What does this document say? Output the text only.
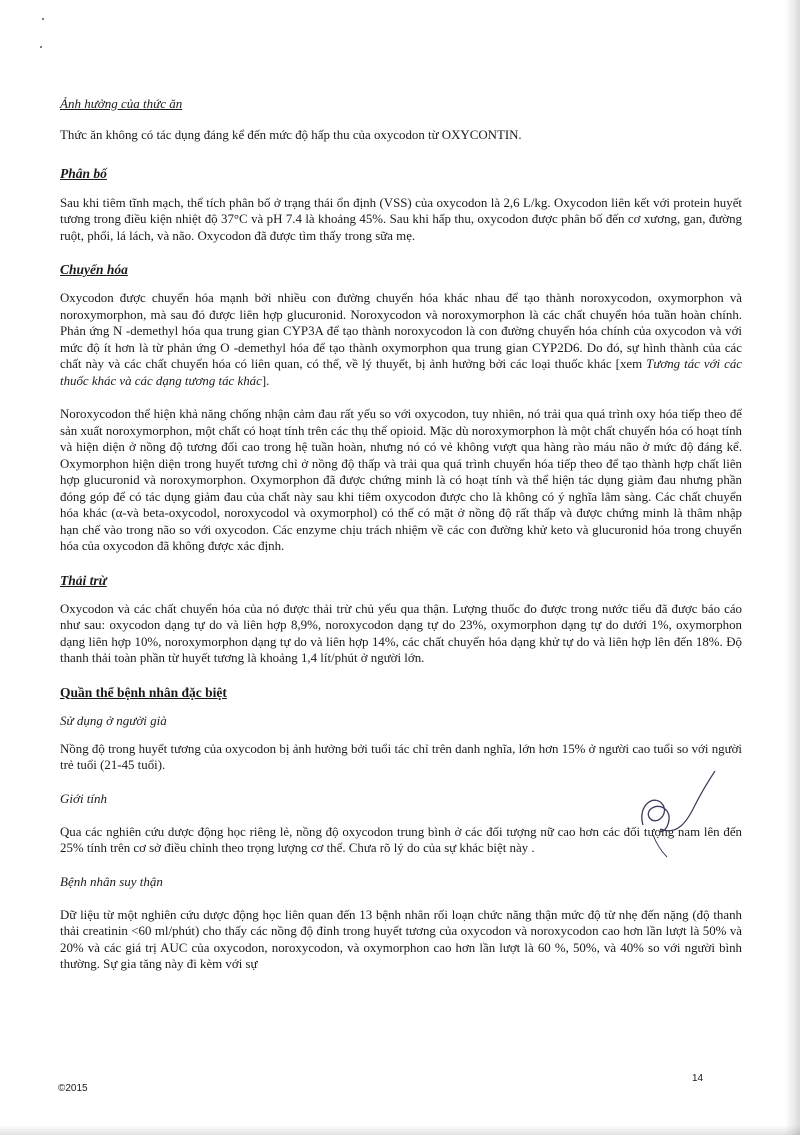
Ảnh hưởng của thức ăn

Thức ăn không có tác dụng đáng kể đến mức độ hấp thu của oxycodon từ OXYCONTIN.

Phân bố

Sau khi tiêm tĩnh mạch, thể tích phân bố ở trạng thái ổn định (VSS) của oxycodon là 2,6 L/kg. Oxycodon liên kết với protein huyết tương trong điều kiện nhiệt độ 37°C và pH 7.4 là khoảng 45%. Sau khi hấp thu, oxycodon được phân bố đến cơ xương, gan, đường ruột, phổi, lá lách, và não. Oxycodon đã được tìm thấy trong sữa mẹ.

Chuyển hóa

Oxycodon được chuyển hóa mạnh bởi nhiều con đường chuyển hóa khác nhau để tạo thành noroxycodon, oxymorphon và noroxymorphon, mà sau đó được liên hợp glucuronid. Noroxycodon và noroxymorphon là các chất chuyển hóa tuần hoàn chính. Phản ứng N -demethyl hóa qua trung gian CYP3A để tạo thành noroxycodon là con đường chuyển hóa chính của oxycodon và với mức độ ít hơn là từ phản ứng O -demethyl hóa để tạo thành oxymorphon qua trung gian CYP2D6. Do đó, sự hình thành của các chất này và các chất chuyển hóa có liên quan, có thể, về lý thuyết, bị ảnh hưởng bởi các loại thuốc khác [xem Tương tác với các thuốc khác và các dạng tương tác khác].

Noroxycodon thể hiện khả năng chống nhận cảm đau rất yếu so với oxycodon, tuy nhiên, nó trải qua quá trình oxy hóa tiếp theo để sản xuất noroxymorphon, một chất có hoạt tính trên các thụ thể opioid. Mặc dù noroxymorphon là một chất chuyển hóa có hoạt tính và hiện diện ở nồng độ tương đối cao trong hệ tuần hoàn, nhưng nó có vẻ không vượt qua hàng rào máu não ở mức độ đáng kể. Oxymorphon hiện diện trong huyết tương chỉ ở nồng độ thấp và trải qua quá trình chuyển hóa tiếp theo để tạo thành hợp chất liên hợp glucuronid và noroxymorphon. Oxymorphon đã được chứng minh là có hoạt tính và thể hiện tác dụng giảm đau nhưng phần đóng góp để có tác dụng giảm đau của chất này sau khi tiêm oxycodon được cho là không có ý nghĩa lâm sàng. Các chất chuyển hóa khác (α-và beta-oxycodol, noroxycodol và oxymorphol) có thể có mặt ở nồng độ rất thấp và được chứng minh là thâm nhập hạn chế vào trong não so với oxycodon. Các enzyme chịu trách nhiệm về các con đường khử keto và glucuronid hóa trong chuyển hóa của oxycodon đã không được xác định.

Thải trừ

Oxycodon và các chất chuyển hóa của nó được thải trừ chủ yếu qua thận. Lượng thuốc đo được trong nước tiểu đã được báo cáo như sau: oxycodon dạng tự do và liên hợp 8,9%, noroxycodon dạng tự do 23%, oxymorphon dạng tự do dưới 1%, oxymorphon dạng liên hợp 10%, noroxymorphon dạng tự do và liên hợp 14%, các chất chuyển hóa dạng khử tự do và liên hợp lên đến 18%. Độ thanh thải toàn phần từ huyết tương là khoảng 1,4 lít/phút ở người lớn.

Quần thể bệnh nhân đặc biệt

Sử dụng ở người già

Nồng độ trong huyết tương của oxycodon bị ảnh hưởng bởi tuổi tác chỉ trên danh nghĩa, lớn hơn 15% ở người cao tuổi so với người trẻ tuổi (21-45 tuổi).

Giới tính

Qua các nghiên cứu dược động học riêng lẻ, nồng độ oxycodon trung bình ở các đối tượng nữ cao hơn các đối tượng nam lên đến 25% tính trên cơ sở điều chỉnh theo trọng lượng cơ thể. Chưa rõ lý do của sự khác biệt này .

Bệnh nhân suy thận

Dữ liệu từ một nghiên cứu dược động học liên quan đến 13 bệnh nhân rối loạn chức năng thận mức độ từ nhẹ đến nặng (độ thanh thải creatinin <60 ml/phút) cho thấy các nồng độ đỉnh trong huyết tương của oxycodon và noroxycodon cao hơn lần lượt là 50% và 20% và các giá trị AUC của oxycodon, noroxycodon, và oxymorphon cao hơn lần lượt là 60 %, 50%, và 40% so với người bình thường. Sự gia tăng này đi kèm với sự

©2015
14
